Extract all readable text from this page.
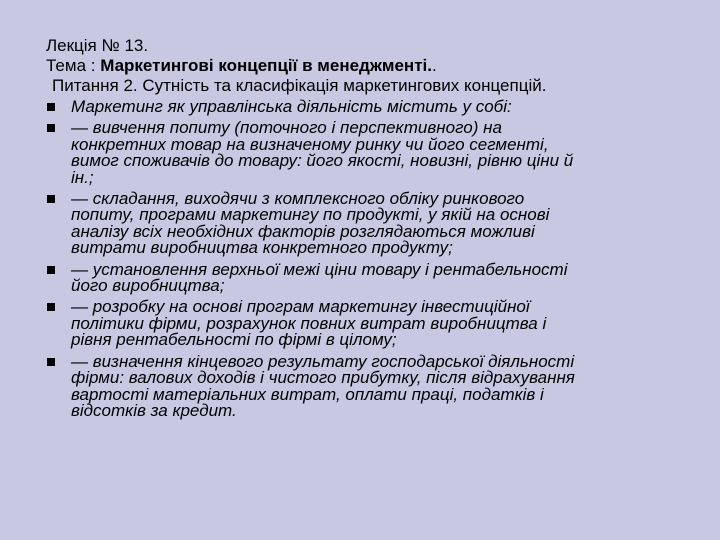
Лекція № 13.
Тема : Маркетингові концепції в менеджменті..
Питання 2. Сутність та класифікація маркетингових концепцій.
Маркетинг як управлінська діяльність містить у собі:
— вивчення попиту (поточного і перспективного) на
конкретних товар на визначеному ринку чи його сегменті,
вимог споживачів до товару: його якості, новизні, рівню ціни й
ін.;
— складання, виходячи з комплексного обліку ринкового
попиту, програми маркетингу по продукті, у якій на основі
аналізу всіх необхідних факторів розглядаються можливі
витрати виробництва конкретного продукту;
— установлення верхньої межі ціни товару і рентабельності
його виробництва;
— розробку на основі програм маркетингу інвестиційної
політики фірми, розрахунок повних витрат виробництва і
рівня рентабельності по фірмі в цілому;
— визначення кінцевого результату господарської діяльності
фірми: валових доходів і чистого прибутку, після відрахування
вартості матеріальних витрат, оплати праці, податків і
відсотків за кредит.
